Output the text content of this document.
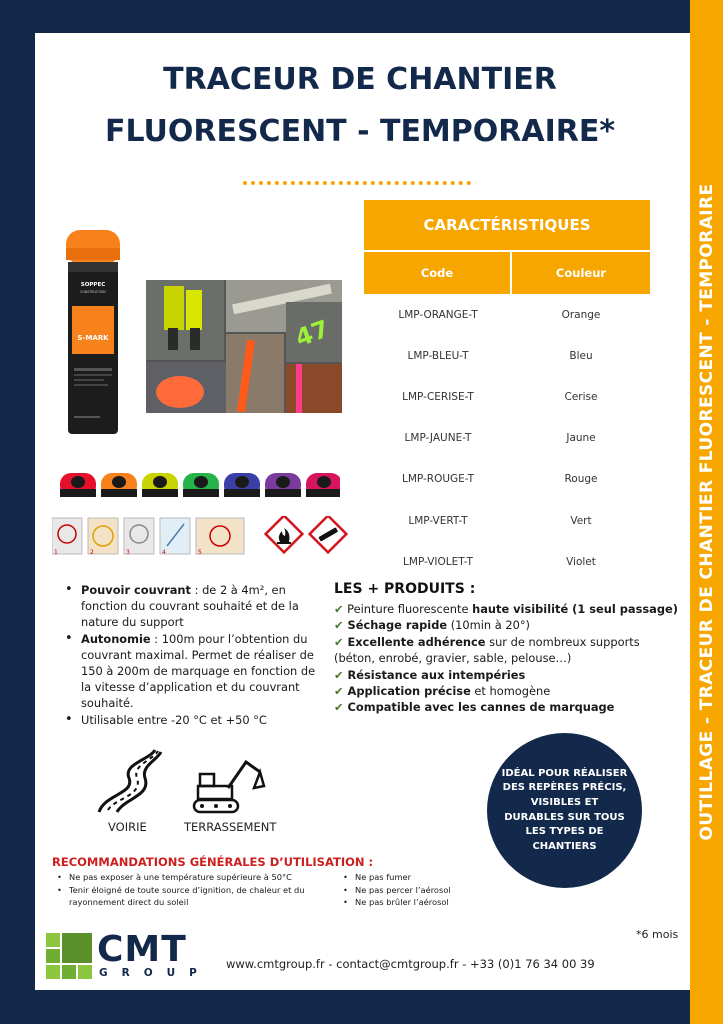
OUTILLAGE - TRACEUR DE CHANTIER FLUORESCENT - TEMPORAIRE
TRACEUR DE CHANTIER
FLUORESCENT - TEMPORAIRE*
SOPPEC
CONSTRUCTION
S-MARK	47
1	2	3	4	5
CARACTÉRISTIQUES
Code	Couleur
LMP-ORANGE-T	Orange
LMP-BLEU-T	Bleu
LMP-CERISE-T	Cerise
LMP-JAUNE-T	Jaune
LMP-ROUGE-T	Rouge
LMP-VERT-T	Vert
LMP-VIOLET-T	Violet
• Pouvoir couvrant : de 2 à 4m², en fonction du couvrant souhaité et de la nature du support
• Autonomie : 100m pour l’obtention du couvrant maximal. Permet de réaliser de 150 à 200m de marquage en fonction de la vitesse d’application et du couvrant souhaité.
• Utilisable entre -20 °C et +50 °C
LES + PRODUITS :
✔ Peinture fluorescente haute visibilité (1 seul passage)
✔ Séchage rapide (10min à 20°)
✔ Excellente adhérence sur de nombreux supports (béton, enrobé, gravier, sable, pelouse…)
✔ Résistance aux intempéries
✔ Application précise et homogène
✔ Compatible avec les cannes de marquage
VOIRIE	TERRASSEMENT
IDÉAL POUR RÉALISER DES REPÈRES PRÉCIS, VISIBLES ET DURABLES SUR TOUS LES TYPES DE CHANTIERS
RECOMMANDATIONS GÉNÉRALES D’UTILISATION :
• Ne pas exposer à une température supérieure à 50°C
• Tenir éloigné de toute source d’ignition, de chaleur et du rayonnement direct du soleil
• Ne pas fumer
• Ne pas percer l’aérosol
• Ne pas brûler l’aérosol
*6 mois
CMT
GROUP
www.cmtgroup.fr - contact@cmtgroup.fr - +33 (0)1 76 34 00 39
